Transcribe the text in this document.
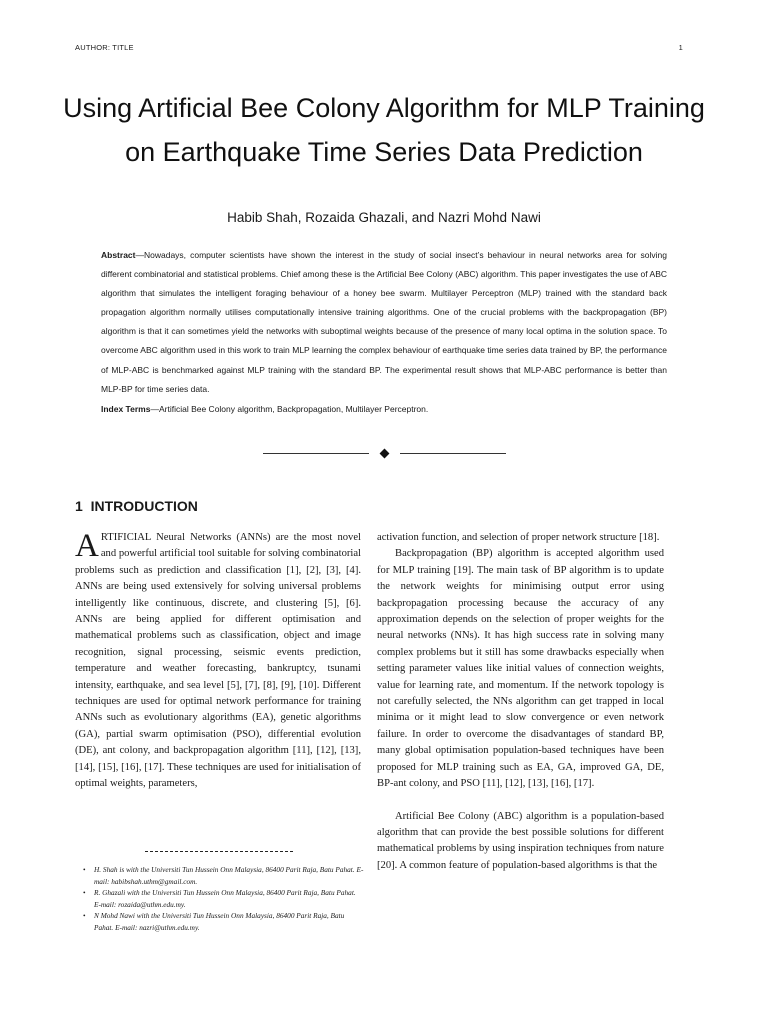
AUTHOR: TITLE	1
Using Artificial Bee Colony Algorithm for MLP Training on Earthquake Time Series Data Prediction
Habib Shah, Rozaida Ghazali, and Nazri Mohd Nawi
Abstract—Nowadays, computer scientists have shown the interest in the study of social insect’s behaviour in neural networks area for solving different combinatorial and statistical problems. Chief among these is the Artificial Bee Colony (ABC) algorithm. This paper investigates the use of ABC algorithm that simulates the intelligent foraging behaviour of a honey bee swarm. Multilayer Perceptron (MLP) trained with the standard back propagation algorithm normally utilises computationally intensive training algorithms. One of the crucial problems with the backpropagation (BP) algorithm is that it can sometimes yield the networks with suboptimal weights because of the presence of many local optima in the solution space. To overcome ABC algorithm used in this work to train MLP learning the complex behaviour of earthquake time series data trained by BP, the performance of MLP-ABC is benchmarked against MLP training with the standard BP. The experimental result shows that MLP-ABC performance is better than MLP-BP for time series data.
Index Terms—Artificial Bee Colony algorithm, Backpropagation, Multilayer Perceptron.
1 INTRODUCTION

ARTIFICIAL Neural Networks (ANNs) are the most novel and powerful artificial tool suitable for solving combinatorial problems such as prediction and classification [1], [2], [3], [4]. ANNs are being used extensively for solving universal problems intelligently like continuous, discrete, and clustering [5], [6]. ANNs are being applied for different optimisation and mathematical problems such as classification, object and image recognition, signal processing, seismic events prediction, temperature and weather forecasting, bankruptcy, tsunami intensity, earthquake, and sea level [5], [7], [8], [9], [10]. Different techniques are used for optimal network performance for training ANNs such as evolutionary algorithms (EA), genetic algorithms (GA), partial swarm optimisation (PSO), differential evolution (DE), ant colony, and backpropagation algorithm [11], [12], [13], [14], [15], [16], [17]. These techniques are used for initialisation of optimal weights, parameters,

activation function, and selection of proper network structure [18].

Backpropagation (BP) algorithm is accepted algorithm used for MLP training [19]. The main task of BP algorithm is to update the network weights for minimising output error using backpropagation processing because the accuracy of any approximation depends on the selection of proper weights for the neural networks (NNs). It has high success rate in solving many complex problems but it still has some drawbacks especially when setting parameter values like initial values of connection weights, value for learning rate, and momentum. If the network topology is not carefully selected, the NNs algorithm can get trapped in local minima or it might lead to slow convergence or even network failure. In order to overcome the disadvantages of standard BP, many global optimisation population-based techniques have been proposed for MLP training such as EA, GA, improved GA, DE, BP-ant colony, and PSO [11], [12], [13], [16], [17].

Artificial Bee Colony (ABC) algorithm is a population-based algorithm that can provide the best possible solutions for different mathematical problems by using inspiration techniques from nature [20]. A common feature of population-based algorithms is that the

• H. Shah is with the Universiti Tun Hussein Onn Malaysia, 86400 Parit Raja, Batu Pahat. E-mail: habibshah.uthm@gmail.com.
• R. Ghazali with the Universiti Tun Hussein Onn Malaysia, 86400 Parit Raja, Batu Pahat. E-mail: rozaida@uthm.edu.my.
• N Mohd Nawi with the Universiti Tun Hussein Onn Malaysia, 86400 Parit Raja, Batu Pahat. E-mail: nazri@uthm.edu.my.
